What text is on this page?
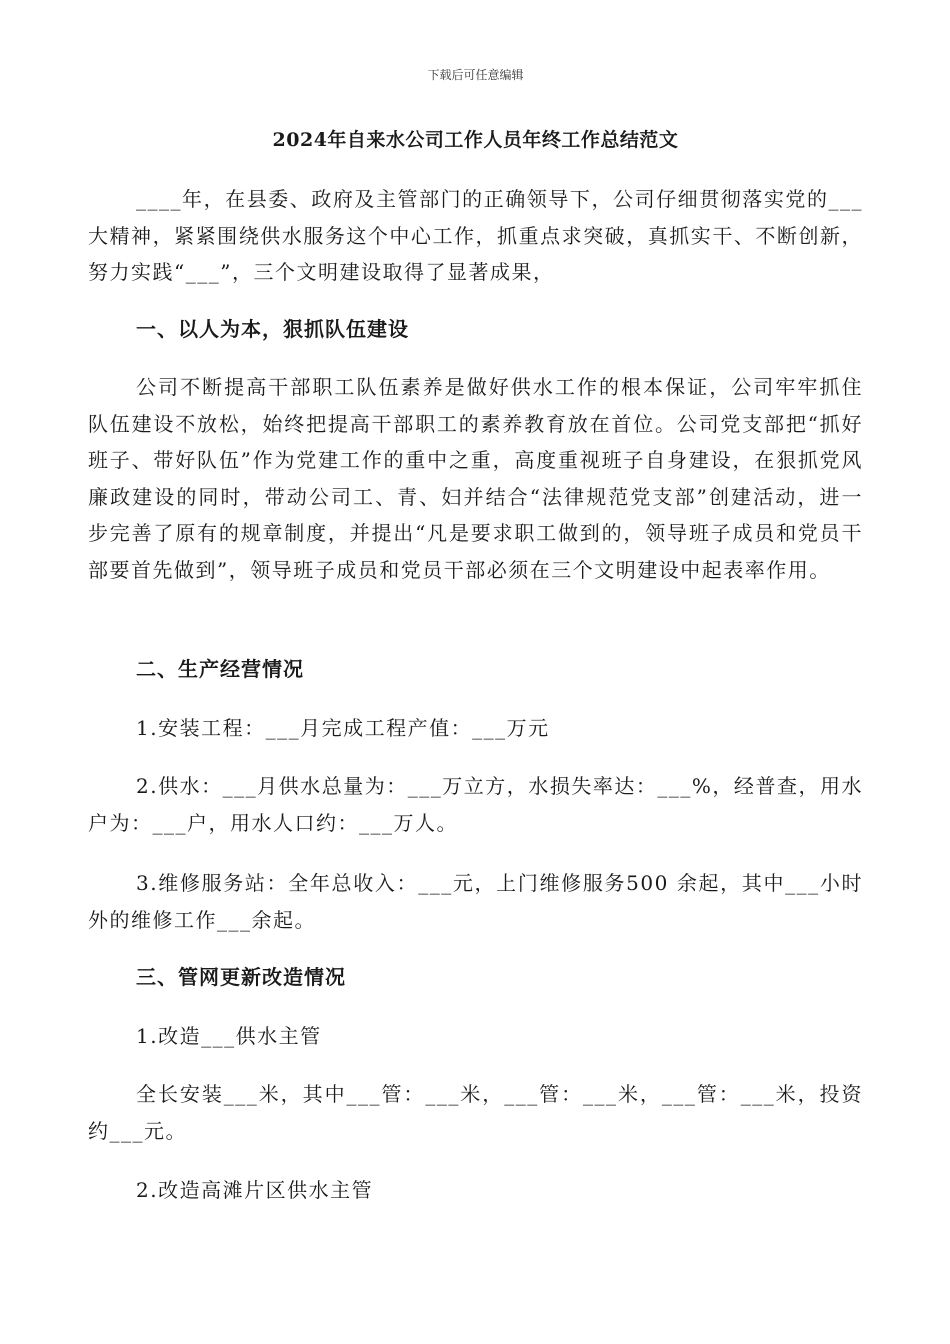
下载后可任意编辑
2024年自来水公司工作人员年终工作总结范文
____年，在县委、政府及主管部门的正确领导下，公司仔细贯彻落实党的___大精神，紧紧围绕供水服务这个中心工作，抓重点求突破，真抓实干、不断创新，努力实践“___”，三个文明建设取得了显著成果，
一、以人为本，狠抓队伍建设
公司不断提高干部职工队伍素养是做好供水工作的根本保证，公司牢牢抓住队伍建设不放松，始终把提高干部职工的素养教育放在首位。公司党支部把“抓好班子、带好队伍”作为党建工作的重中之重，高度重视班子自身建设，在狠抓党风廉政建设的同时，带动公司工、青、妇并结合“法律规范党支部”创建活动，进一步完善了原有的规章制度，并提出“凡是要求职工做到的，领导班子成员和党员干部要首先做到”，领导班子成员和党员干部必须在三个文明建设中起表率作用。
二、生产经营情况
1.安装工程：___月完成工程产值：___万元
2.供水：___月供水总量为：___万立方，水损失率达：___%，经普查，用水户为：___户，用水人口约：___万人。
3.维修服务站：全年总收入：___元，上门维修服务500 余起，其中___小时外的维修工作___余起。
三、管网更新改造情况
1.改造___供水主管
全长安装___米，其中___管：___米，___管：___米，___管：___米，投资约___元。
2.改造高滩片区供水主管
